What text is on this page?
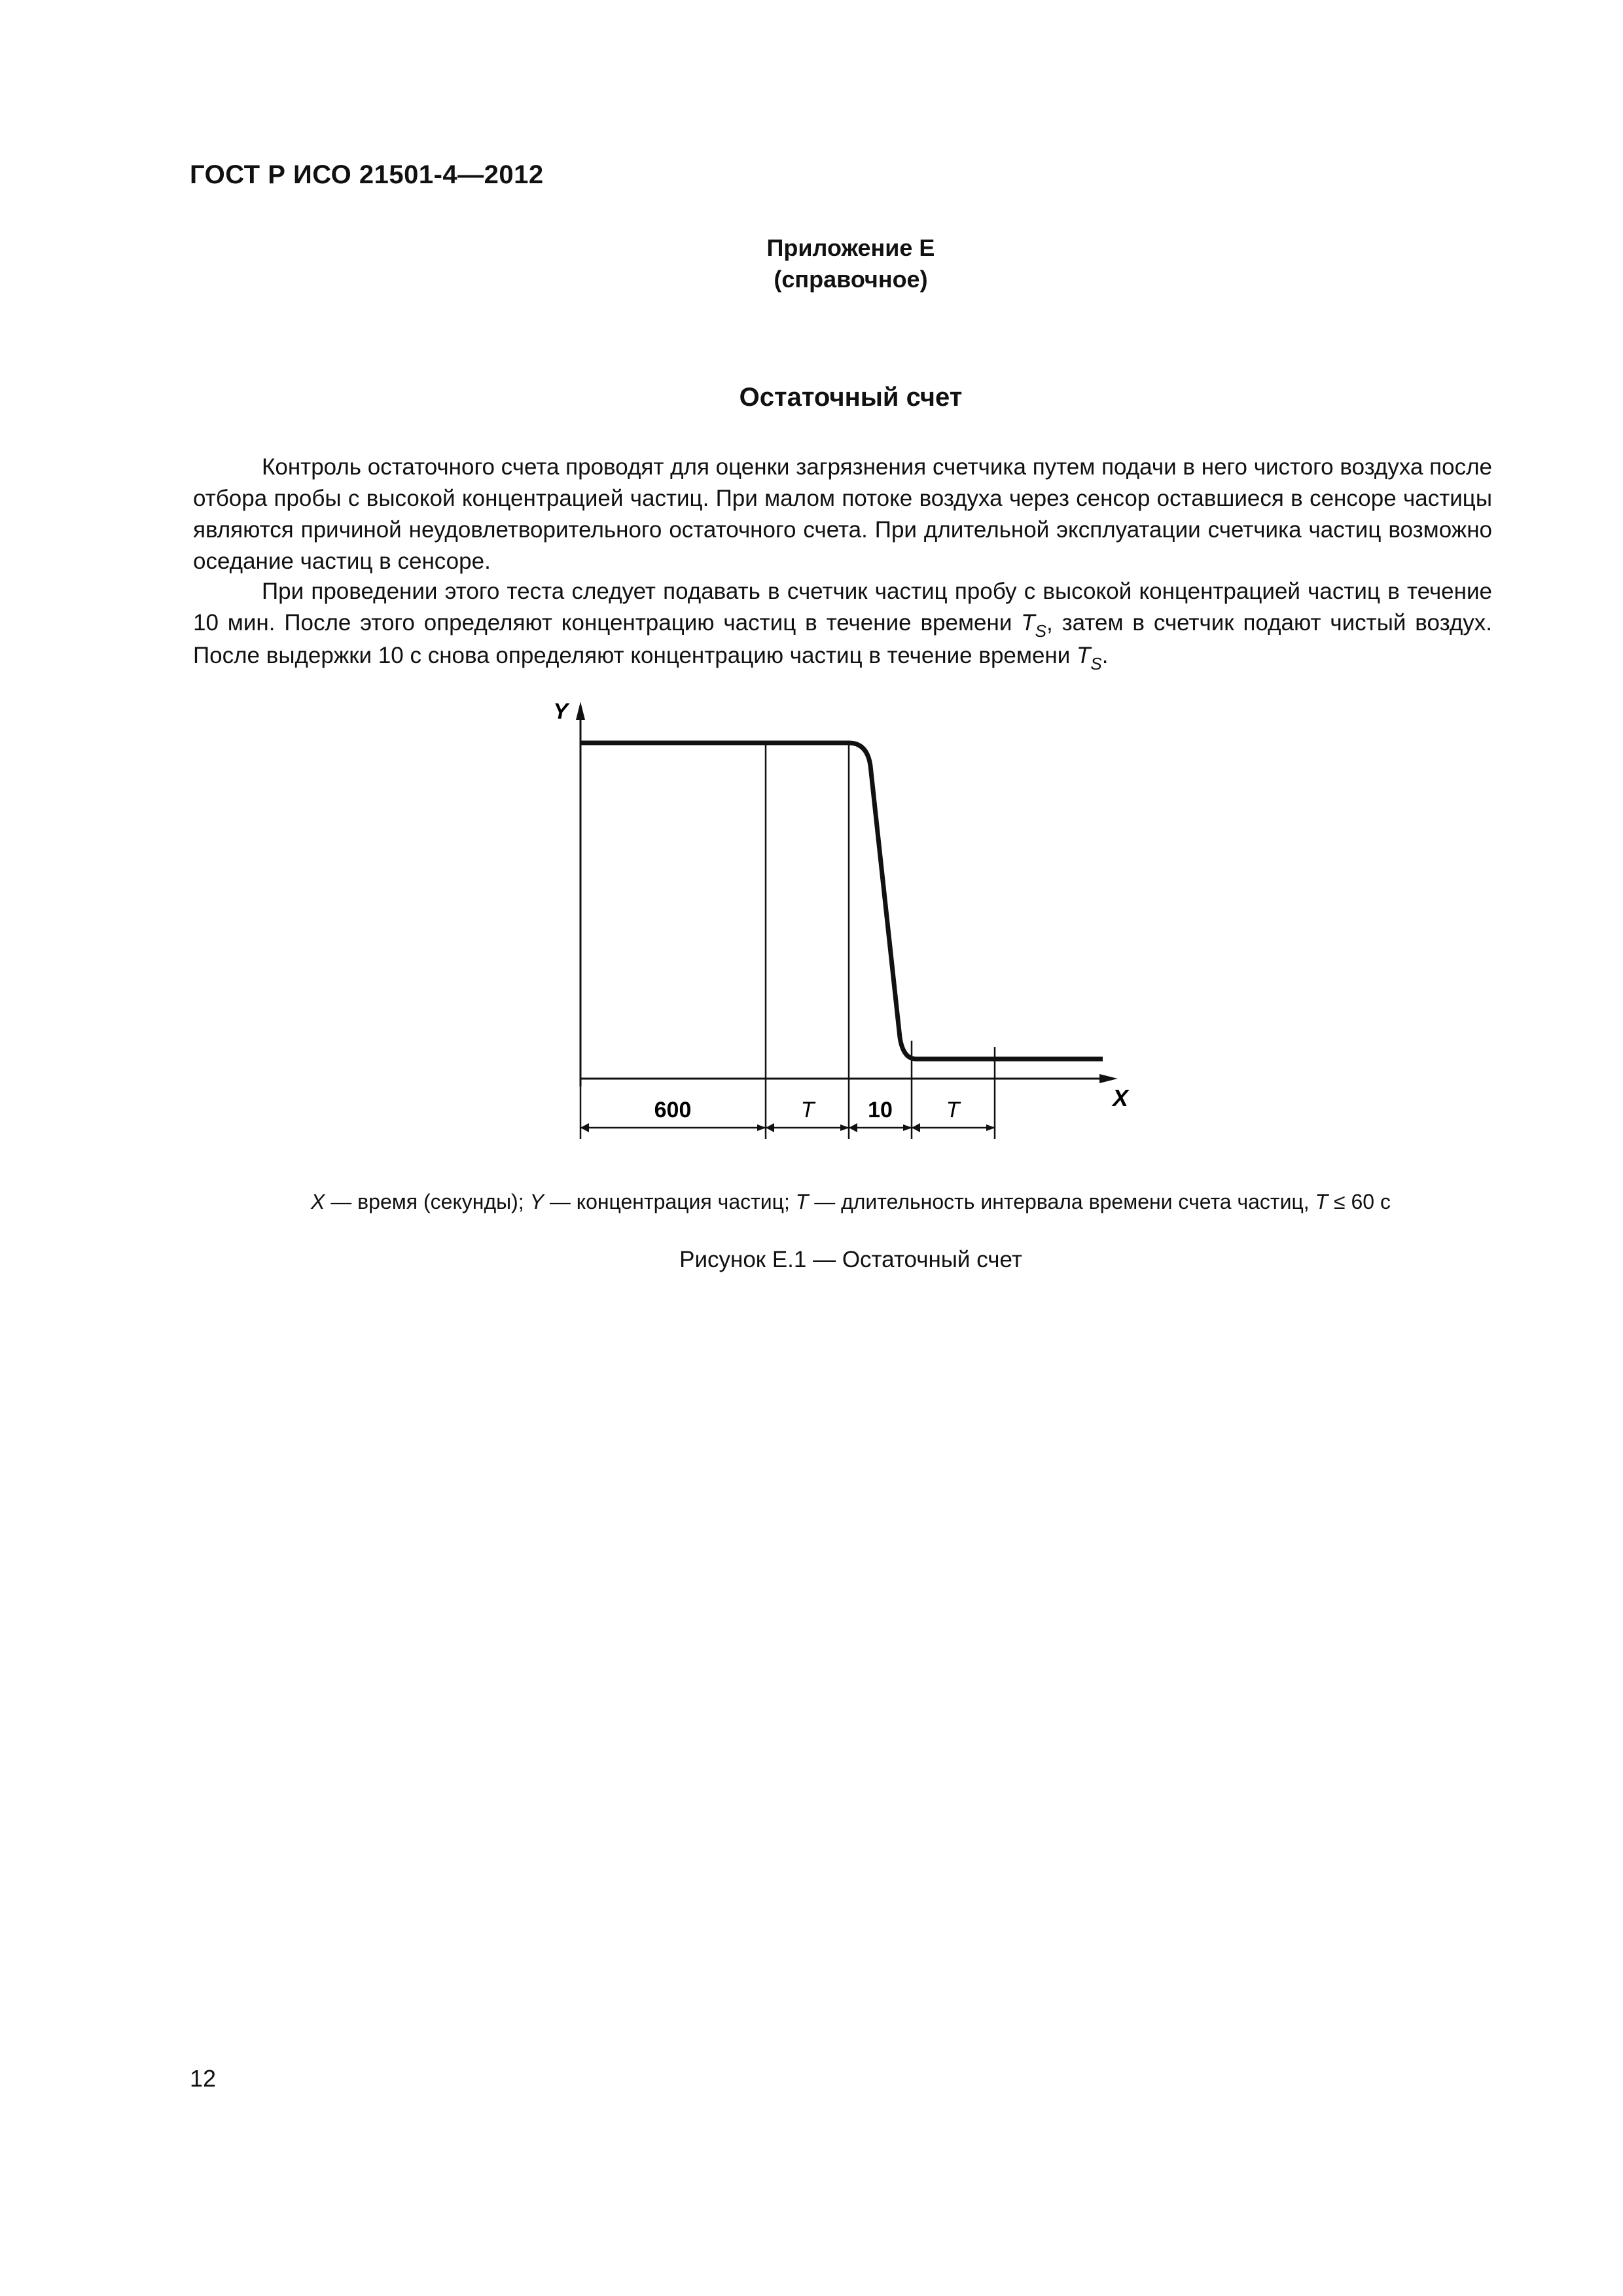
ГОСТ Р ИСО 21501-4—2012
Приложение Е
(справочное)
Остаточный счет

Контроль остаточного счета проводят для оценки загрязнения счетчика путем подачи в него чистого воздуха после отбора пробы с высокой концентрацией частиц. При малом потоке воздуха через сенсор оставшиеся в сенсоре частицы являются причиной неудовлетворительного остаточного счета. При длительной эксплуатации счетчика частиц возможно оседание частиц в сенсоре.

При проведении этого теста следует подавать в счетчик частиц пробу с высокой концентрацией частиц в течение 10 мин. После этого определяют концентрацию частиц в течение времени $T_S$, затем в счетчик подают чистый воздух. После выдержки 10 с снова определяют концентрацию частиц в течение времени $T_S$.

Y
X
600	T 10 T
X — время (секунды); Y — концентрация частиц; T — длительность интервала времени счета частиц, T ≤ 60 с
Рисунок Е.1 — Остаточный счет
12
